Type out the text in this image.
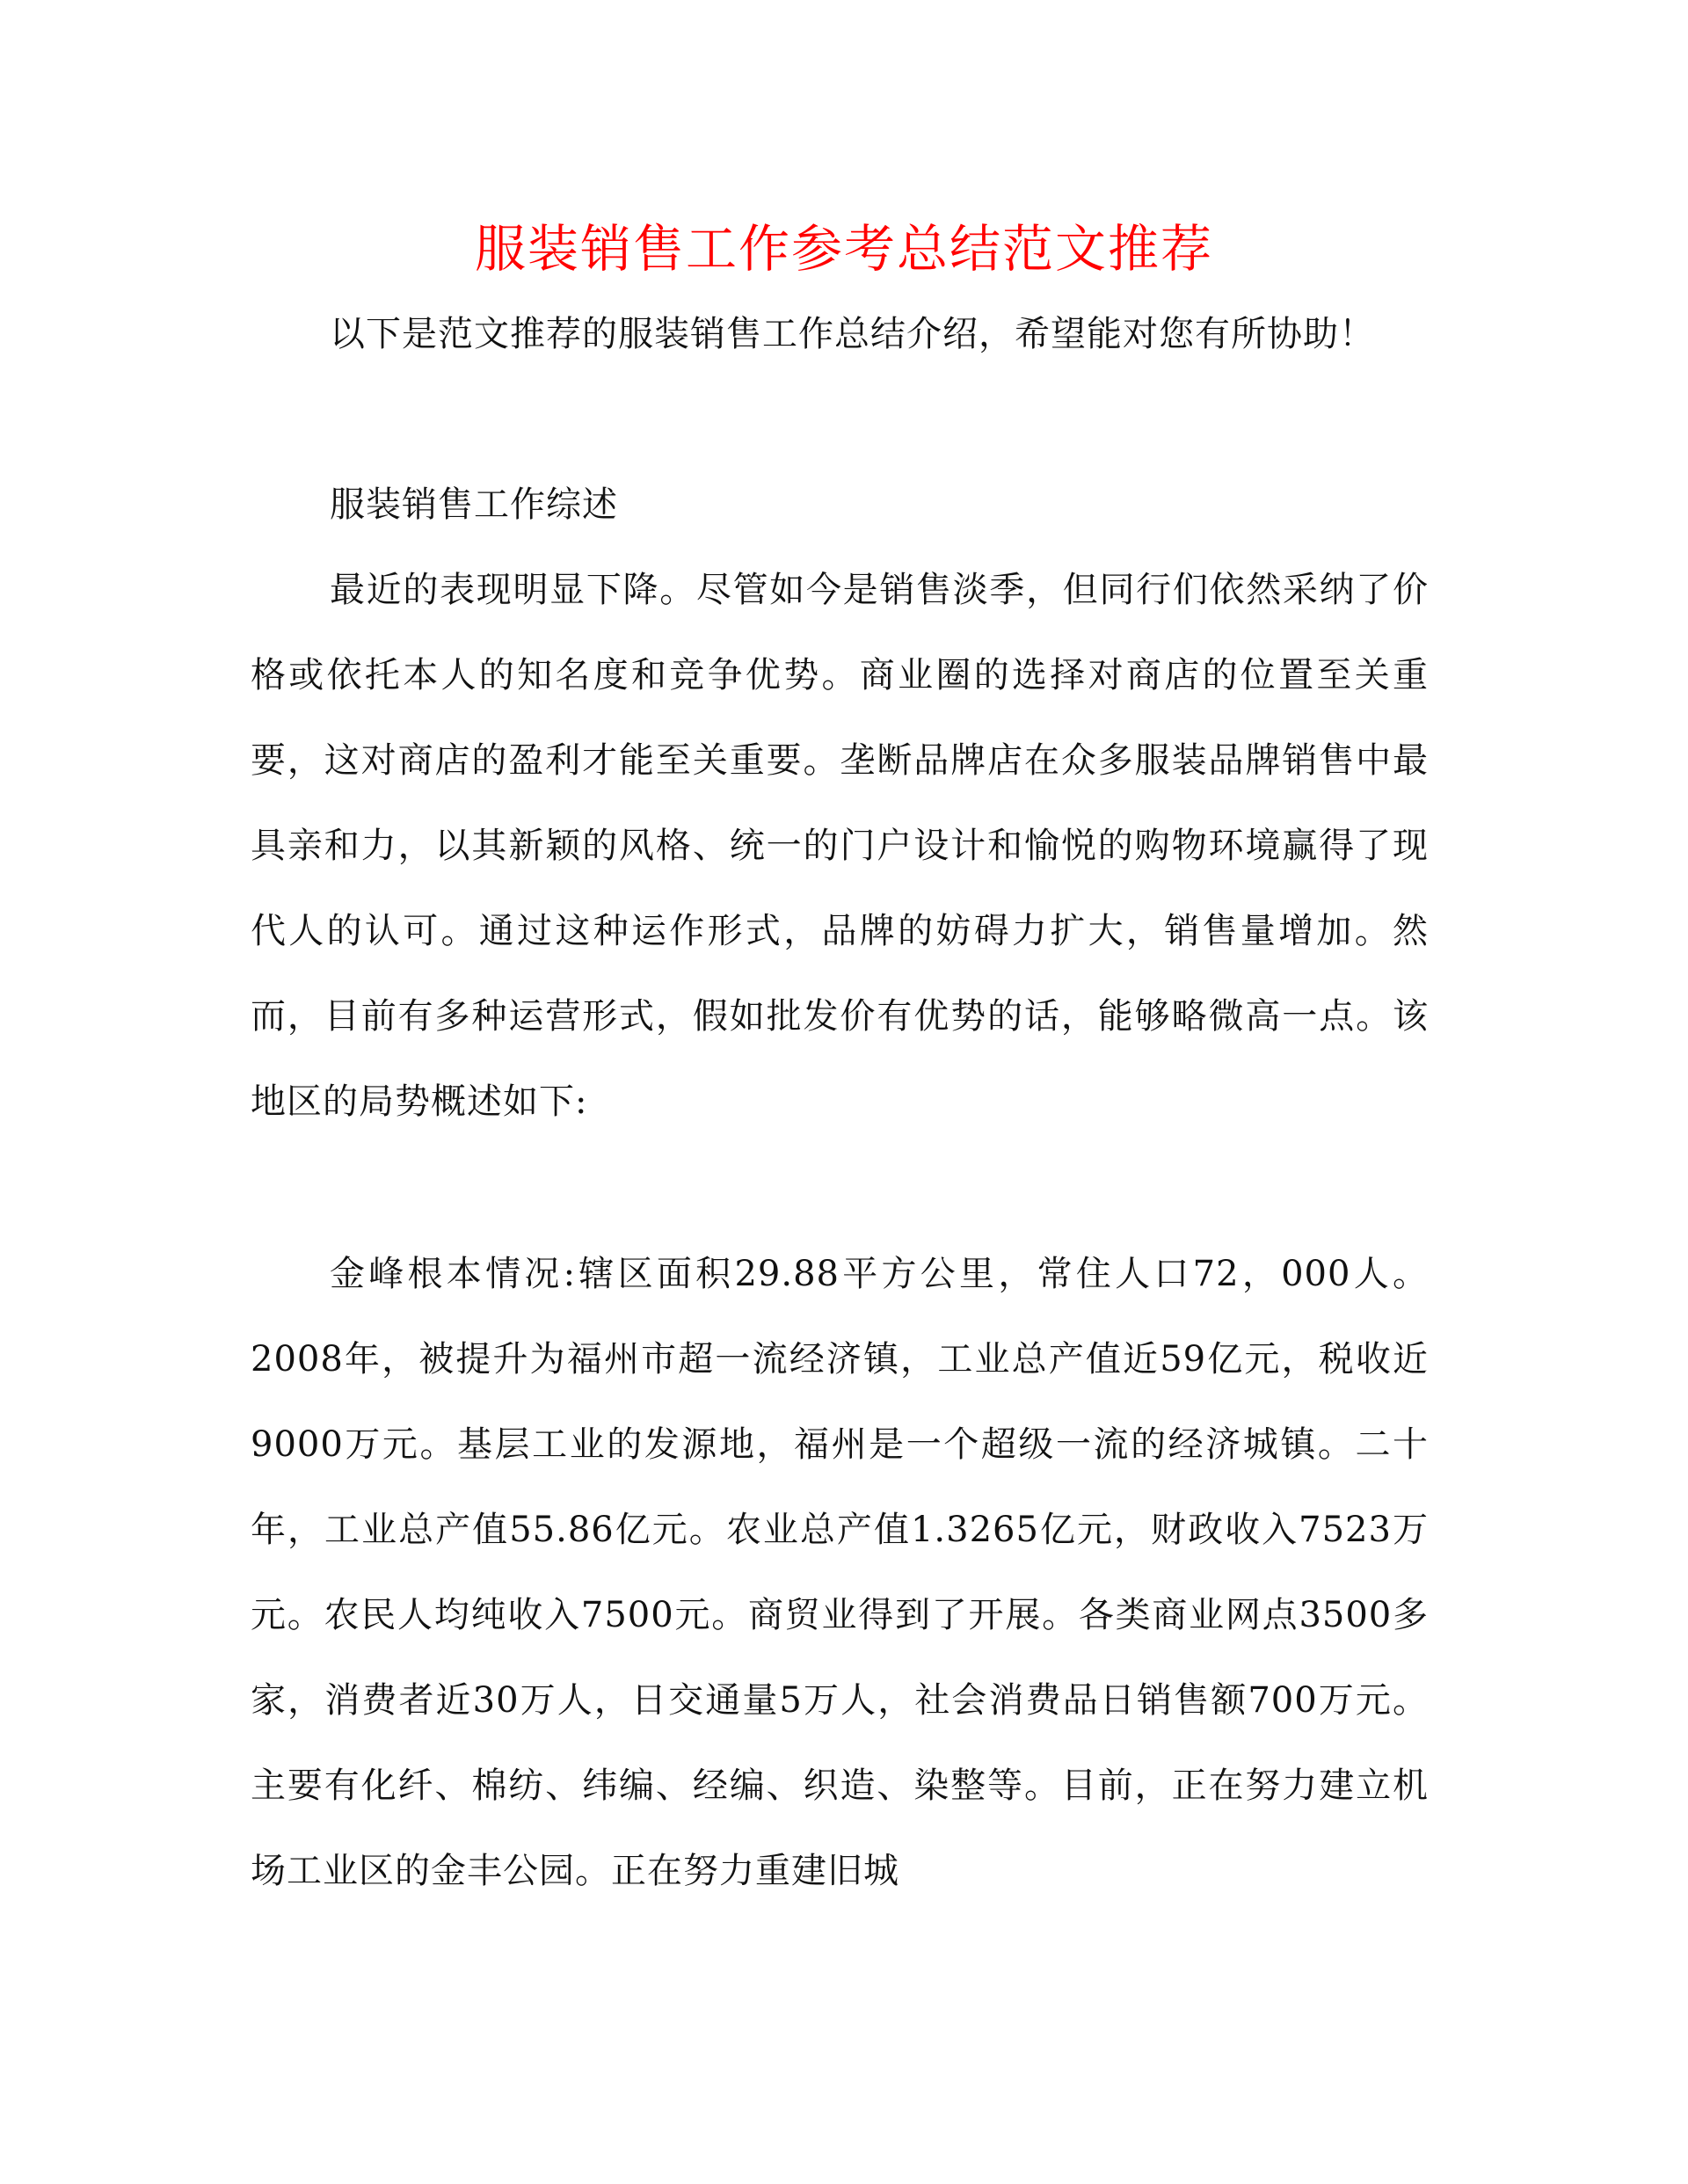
服装销售工作参考总结范文推荐

以下是范文推荐的服装销售工作总结介绍，希望能对您有所协助！

服装销售工作综述

最近的表现明显下降。尽管如今是销售淡季，但同行们依然采纳了价格或依托本人的知名度和竞争优势。商业圈的选择对商店的位置至关重要，这对商店的盈利才能至关重要。垄断品牌店在众多服装品牌销售中最具亲和力，以其新颖的风格、统一的门户设计和愉悦的购物环境赢得了现代人的认可。通过这种运作形式，品牌的妨碍力扩大，销售量增加。然而，目前有多种运营形式，假如批发价有优势的话，能够略微高一点。该地区的局势概述如下:

金峰根本情况:辖区面积29.88平方公里，常住人口72，000人。2008年，被提升为福州市超一流经济镇，工业总产值近59亿元，税收近9000万元。基层工业的发源地，福州是一个超级一流的经济城镇。二十年，工业总产值55.86亿元。农业总产值1.3265亿元，财政收入7523万元。农民人均纯收入7500元。商贸业得到了开展。各类商业网点3500多家，消费者近30万人，日交通量5万人，社会消费品日销售额700万元。主要有化纤、棉纺、纬编、经编、织造、染整等。目前，正在努力建立机场工业区的金丰公园。正在努力重建旧城
